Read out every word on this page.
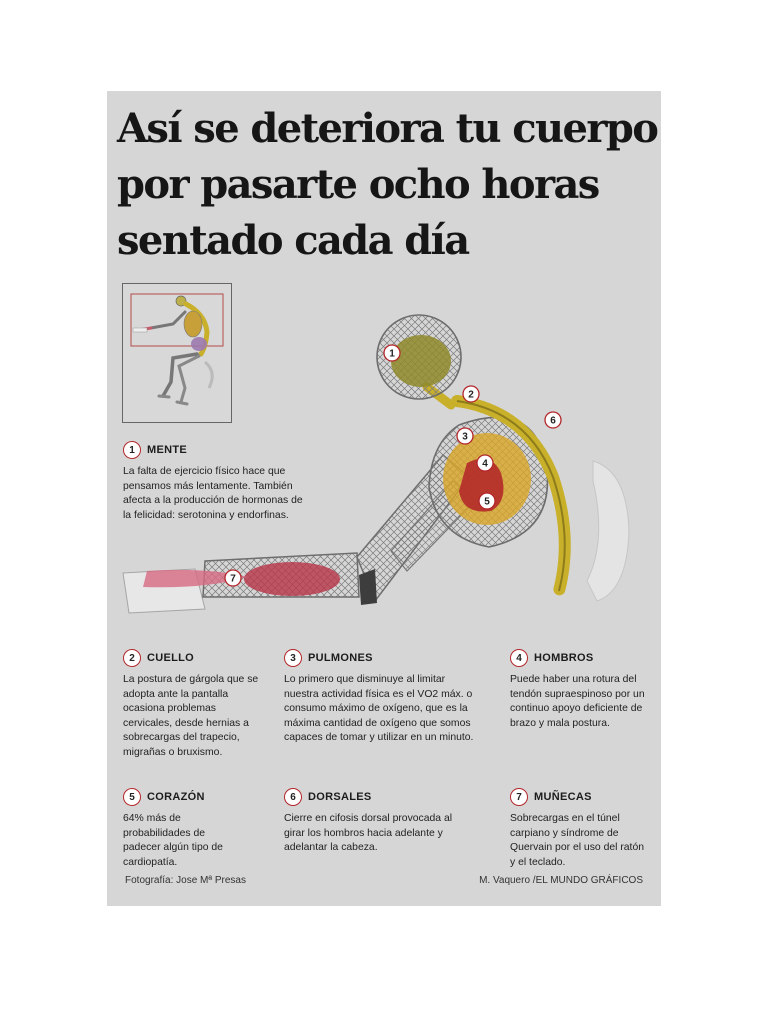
Así se deteriora tu cuerpo
por pasarte ocho horas
sentado cada día
1
2
3
4
5
6
7
1	MENTE
La falta de ejercicio físico hace que pensamos más lentamente. También afecta a la producción de hormonas de la felicidad: serotonina y endorfinas.
2	CUELLO
La postura de gárgola que se adopta ante la pantalla ocasiona problemas cervicales, desde hernias a sobrecargas del trapecio, migrañas o bruxismo.
3	PULMONES
Lo primero que disminuye al limitar nuestra actividad física es el VO2 máx. o consumo máximo de oxígeno, que es la máxima cantidad de oxígeno que somos capaces de tomar y utilizar en un minuto.
4	HOMBROS
Puede haber una rotura del tendón supraespinoso por un continuo apoyo deficiente de brazo y mala postura.
5	CORAZÓN
64% más de probabilidades de padecer algún tipo de cardiopatía.
6	DORSALES
Cierre en cifosis dorsal provocada al girar los hombros hacia adelante y adelantar la cabeza.
7	MUÑECAS
Sobrecargas en el túnel carpiano y síndrome de Quervain por el uso del ratón y el teclado.
Fotografía: Jose Mª Presas	M. Vaquero /EL MUNDO GRÁFICOS
